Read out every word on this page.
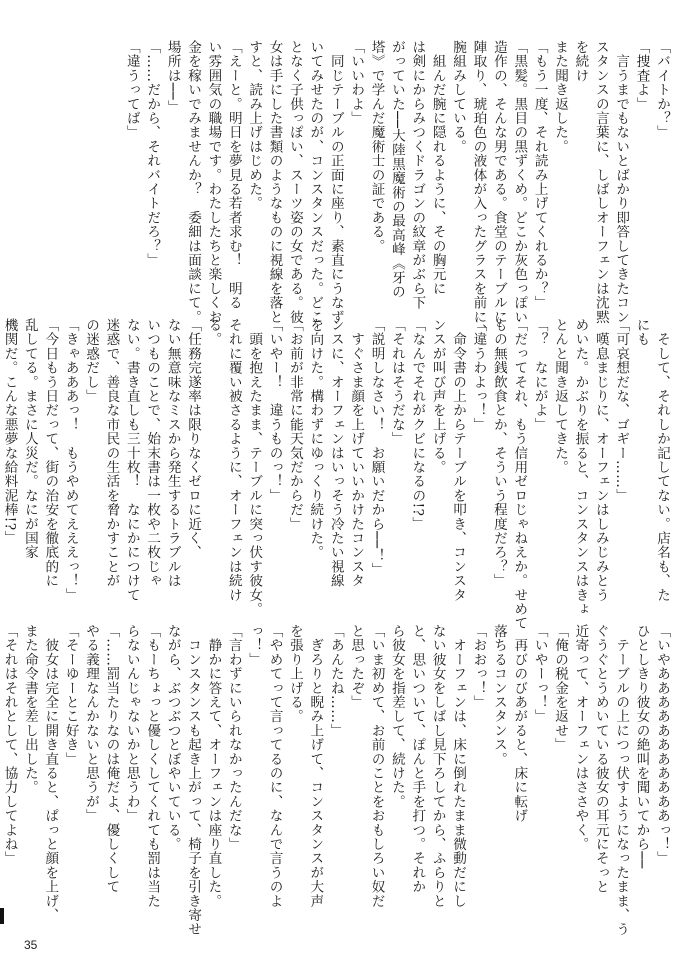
「バイトか？」
「捜査よ」
　言うまでもないとばかり即答してきたコン
スタンスの言葉に、しばしオーフェンは沈黙
を続け
また聞き返した。
「もう一度、それ読み上げてくれるか？」
「黒髪。黒目の黒ずくめ。どこか灰色っぽい
造作の、そんな男である。食堂のテーブルに
陣取り、琥珀色の液体が入ったグラスを前に、
腕組みしている。
　組んだ腕に隠れるように、その胸元に
は剣にからみつくドラゴンの紋章がぶら下
がっていた──大陸黒魔術の最高峰《牙の
塔》で学んだ魔術士の証である。
「いいわよ」
　同じテーブルの正面に座り、素直にうなず
いてみせたのが、コンスタンスだった。どこ
となく子供っぽい、スーツ姿の女である。彼
女は手にした書類のようなものに視線を落と
すと、読み上げはじめた。
「えーと。明日を夢見る若者求む！　明る
い雰囲気の職場です。わたしたちと楽しくお
金を稼いでみませんか？　委細は面談にて。
場所は──」
「……だから、それバイトだろ？」
「違うってば」
　そして、それしか記してない。店名も、た
にも
「可哀想だな、ゴギー……」
　嘆息まじりに、オーフェンはしみじみとう
めいた。かぶりを振ると、コンスタンスはきょ
とんと聞き返してきた。
「？　なにがよ」
「だってそれ、もう信用ゼロじゃねえか。せめて
もの無銭飲食とか、そういう程度だろ？」
「違うわよっ！」
　命令書の上からテーブルを叩き、コンスタ
ンスが叫び声を上げる。
「なんでそれがクビになるの!?」
「それはそうだな」
「説明しなさい！　お願いだから──！」
　すぐさま顔を上げていいかけたコンスタ
ンスに、オーフェンはいっそう冷たい視線
を向けた。構わずにゆっくり続けた。
「お前が非常に能天気だからだ」
「いやー！　違うものっ！」
　頭を抱えたまま、テーブルに突っ伏す彼女。
それに覆い被さるように、オーフェンは続け
る。
「任務完遂率は限りなくゼロに近く、
ない無意味なミスから発生するトラブルは
いつものことで、始末書は一枚や二枚じゃ
ない。書き直しも三十枚！　なにかにつけて
迷惑で、善良な市民の生活を脅かすことが
の迷惑だし」
「きゃあああっ！　もうやめてえええっ！」
「今日もう日だって、街の治安を徹底的に
乱してる。まさに人災だ。なにが国家
機関だ。こんな悪夢な給料泥棒!?」
「いやあああああああああああっ！」
ひとしきり彼女の絶叫を聞いてから──
　テーブルの上につっ伏すようになったまま、う
ぐうぐとうめいている彼女の耳元にそっと
近寄って、オーフェンはささやく。
「俺の税金を返せ」
「いやーっ！」
　再びのびあがると、床に転げ
落ちるコンスタンス。
「おおっ！」
　オーフェンは、床に倒れたまま微動だにし
ない彼女をしばし見下ろしてから、ふらりと
と、思いついて、ぽんと手を打つ。それか
ら彼女を指差して、続けた。
「いま初めて、お前のことをおもしろい奴だ
と思ったぞ」
「あんたね……」
　ぎろりと睨み上げて、コンスタンスが大声
を張り上げる。
「やめてって言ってるのに、なんで言うのよ
っ！」
「言わずにいられなかったんだな」
　静かに答えて、オーフェンは座り直した。
　コンスタンスも起き上がって、椅子を引き寄せ
ながら、ぶつぶつとぼやいている。
「もーちょっと優しくしてくれても罰は当た
らないんじゃないかと思うわ」
「……罰当たりなのは俺だよ、優しくして
やる義理なんかないと思うが」
「そーゆーとこ好き」
　彼女は完全に開き直ると、ぱっと顔を上げ、
また命令書を差し出した。
「それはそれとして、協力してよね」
35
